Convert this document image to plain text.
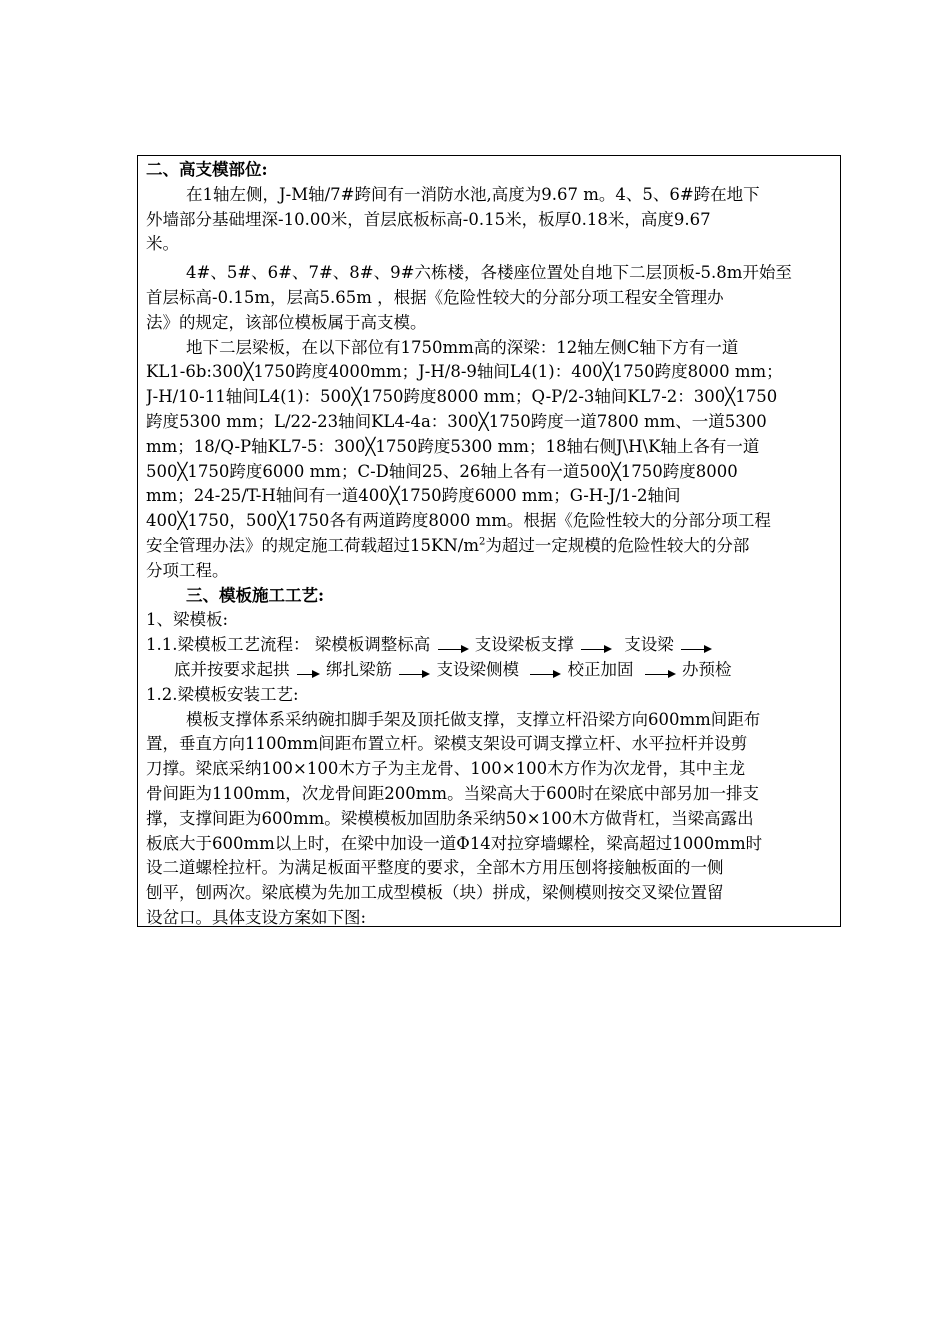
二、高支模部位:
在1轴左侧，J-M轴/7#跨间有一消防水池,高度为9.67 m。4、5、6#跨在地下
外墙部分基础埋深-10.00米，首层底板标高-0.15米，板厚0.18米，高度9.67
米。
4#、5#、6#、7#、8#、9#六栋楼，各楼座位置处自地下二层顶板-5.8m开始至
首层标高-0.15m，层高5.65m ，根据《危险性较大的分部分项工程安全管理办
法》的规定，该部位模板属于高支模。
地下二层梁板，在以下部位有1750mm高的深梁：12轴左侧C轴下方有一道
KL1-6b:300╳1750跨度4000mm；J-H/8-9轴间L4(1)：400╳1750跨度8000 mm；
J-H/10-11轴间L4(1)：500╳1750跨度8000 mm；Q-P/2-3轴间KL7-2：300╳1750
跨度5300 mm；L/22-23轴间KL4-4a：300╳1750跨度一道7800 mm、一道5300
mm；18/Q-P轴KL7-5：300╳1750跨度5300 mm；18轴右侧J\H\K轴上各有一道
500╳1750跨度6000 mm；C-D轴间25、26轴上各有一道500╳1750跨度8000
mm；24-25/T-H轴间有一道400╳1750跨度6000 mm；G-H-J/1-2轴间
400╳1750，500╳1750各有两道跨度8000 mm。根据《危险性较大的分部分项工程
安全管理办法》的规定施工荷载超过$15KN/m^2$为超过一定规模的危险性较大的分部
分项工程。
三、模板施工工艺:
1、梁模板:
1.1.梁模板工艺流程： 梁模板调整标高	支设梁板支撑	支设梁
底并按要求起拱 绑扎梁筋	支设梁侧模	校正加固	办预检
1.2.梁模板安装工艺:
模板支撑体系采纳碗扣脚手架及顶托做支撑，支撑立杆沿梁方向600mm间距布
置，垂直方向1100mm间距布置立杆。梁模支架设可调支撑立杆、水平拉杆并设剪
刀撑。梁底采纳100×100木方子为主龙骨、100×100木方作为次龙骨，其中主龙
骨间距为1100mm，次龙骨间距200mm。当梁高大于600时在梁底中部另加一排支
撑，支撑间距为600mm。梁模模板加固肋条采纳50×100木方做背杠，当梁高露出
板底大于600mm以上时，在梁中加设一道Φ14对拉穿墙螺栓，梁高超过1000mm时
设二道螺栓拉杆。为满足板面平整度的要求，全部木方用压刨将接触板面的一侧
刨平，刨两次。梁底模为先加工成型模板（块）拼成，梁侧模则按交叉梁位置留
设岔口。具体支设方案如下图:
